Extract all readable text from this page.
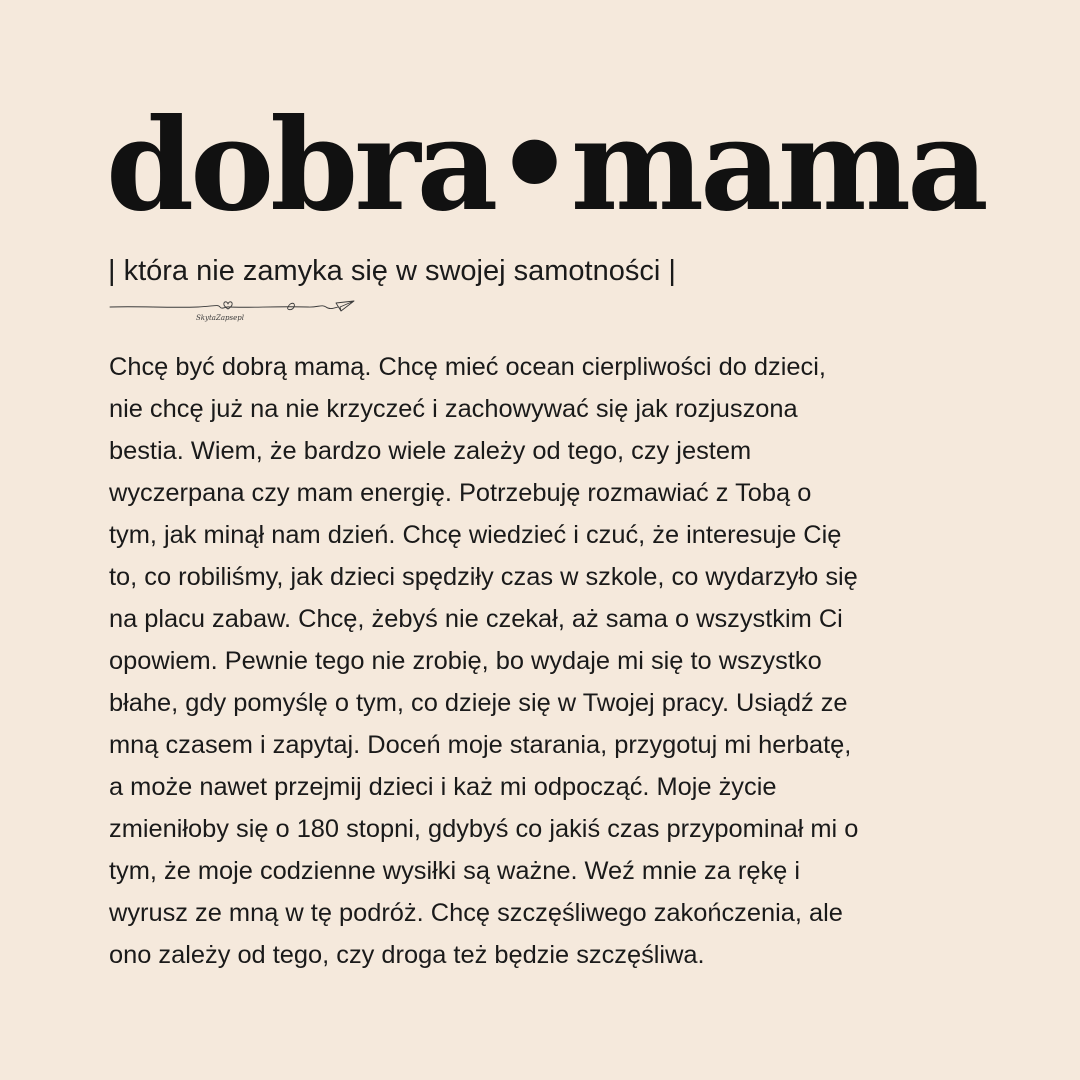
dobra•mama

| która nie zamyka się w swojej samotności |

SkytaZapsepl
Chcę być dobrą mamą. Chcę mieć ocean cierpliwości do dzieci,
nie chcę już na nie krzyczeć i zachowywać się jak rozjuszona
bestia. Wiem, że bardzo wiele zależy od tego, czy jestem
wyczerpana czy mam energię. Potrzebuję rozmawiać z Tobą o
tym, jak minął nam dzień. Chcę wiedzieć i czuć, że interesuje Cię
to, co robiliśmy, jak dzieci spędziły czas w szkole, co wydarzyło się
na placu zabaw. Chcę, żebyś nie czekał, aż sama o wszystkim Ci
opowiem. Pewnie tego nie zrobię, bo wydaje mi się to wszystko
błahe, gdy pomyślę o tym, co dzieje się w Twojej pracy. Usiądź ze
mną czasem i zapytaj. Doceń moje starania, przygotuj mi herbatę,
a może nawet przejmij dzieci i każ mi odpocząć. Moje życie
zmieniłoby się o 180 stopni, gdybyś co jakiś czas przypominał mi o
tym, że moje codzienne wysiłki są ważne. Weź mnie za rękę i
wyrusz ze mną w tę podróż. Chcę szczęśliwego zakończenia, ale
ono zależy od tego, czy droga też będzie szczęśliwa.
